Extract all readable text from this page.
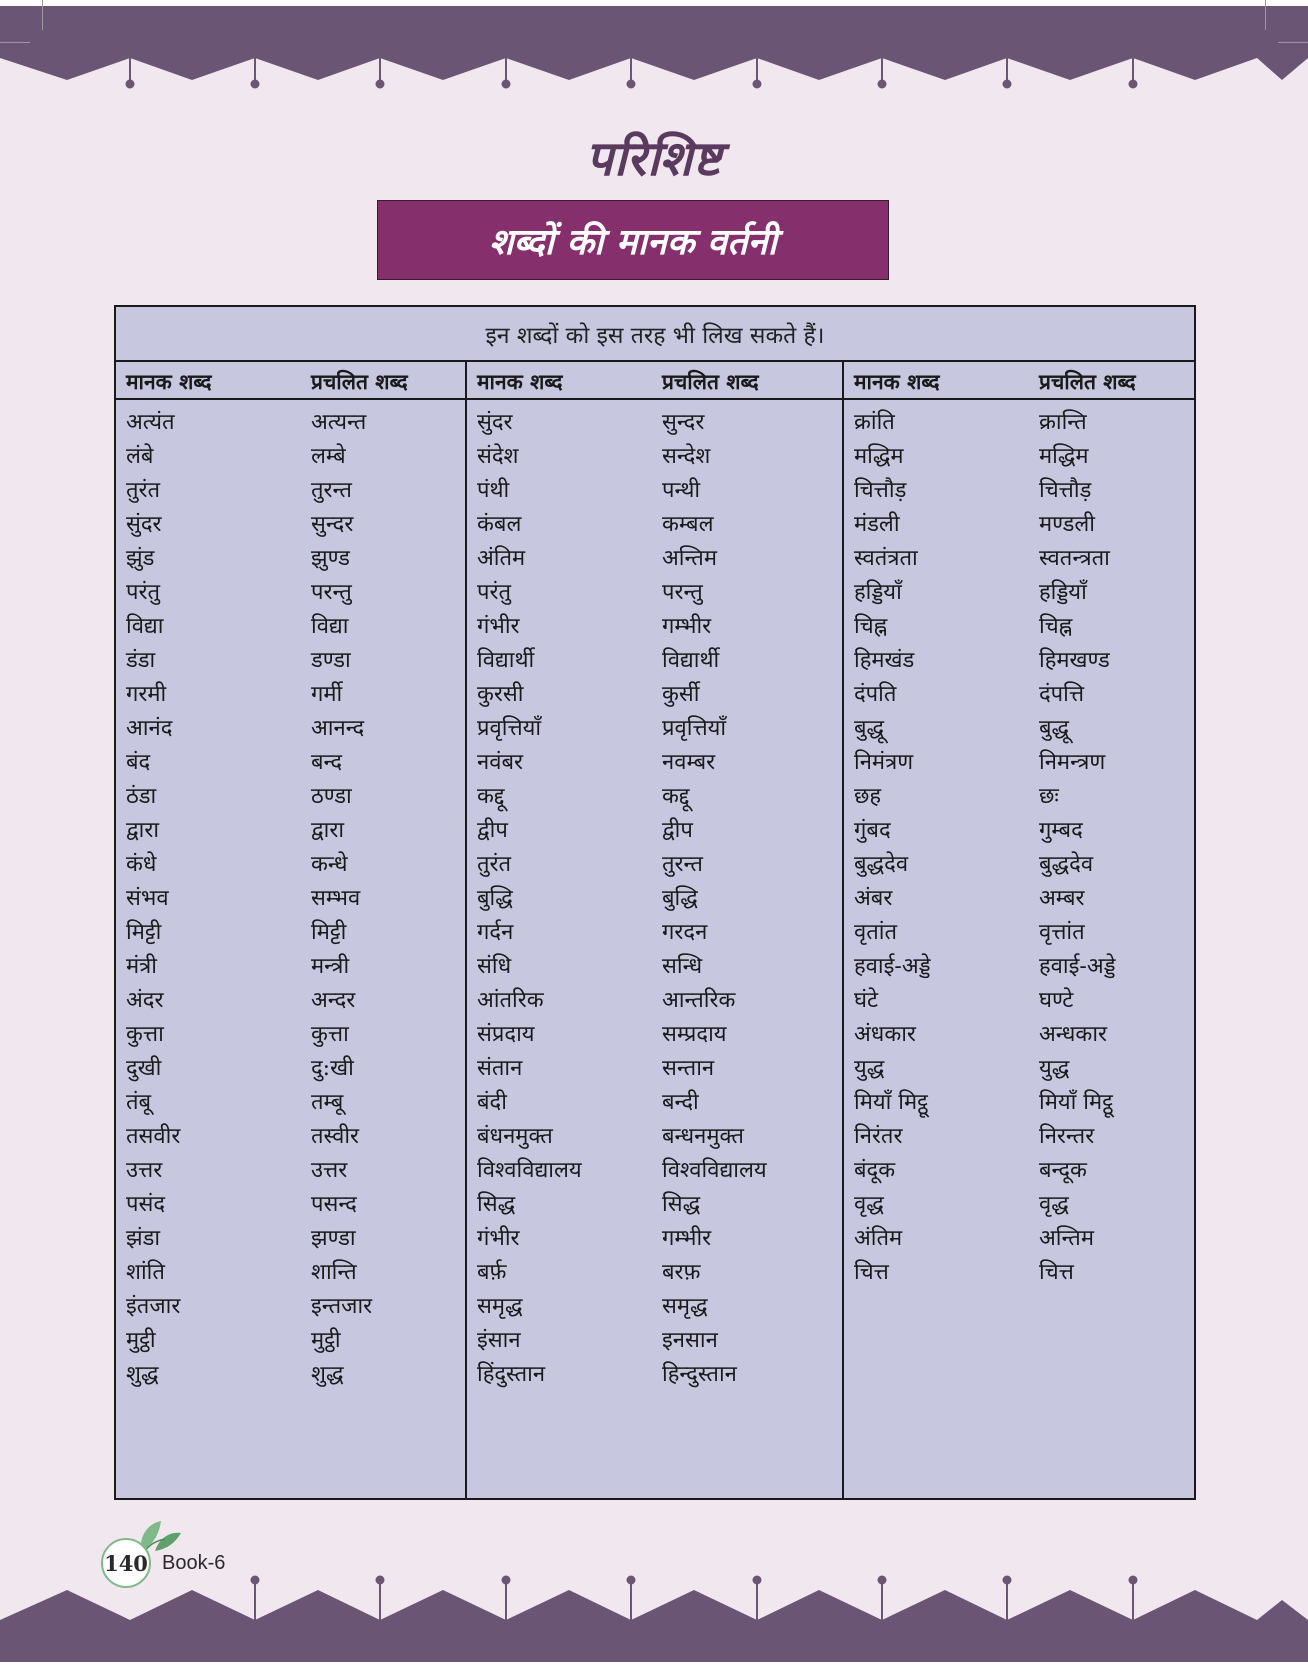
परिशिष्ट
शब्दों की मानक वर्तनी
इन शब्दों को इस तरह भी लिख सकते हैं।
मानक शब्द	प्रचलित शब्द
अत्यंत	अत्यन्त
लंबे	लम्बे
तुरंत	तुरन्त
सुंदर	सुन्दर
झुंड	झुण्ड
परंतु	परन्तु
विद्या	विद्या
डंडा	डण्डा
गरमी	गर्मी
आनंद	आनन्द
बंद	बन्द
ठंडा	ठण्डा
द्वारा	द्वारा
कंधे	कन्धे
संभव	सम्भव
मिट्टी	मिट्टी
मंत्री	मन्त्री
अंदर	अन्दर
कुत्ता	कुत्ता
दुखी	दु:खी
तंबू	तम्बू
तसवीर	तस्वीर
उत्तर	उत्तर
पसंद	पसन्द
झंडा	झण्डा
शांति	शान्ति
इंतजार	इन्तजार
मुट्ठी	मुट्ठी
शुद्ध	शुद्ध
मानक शब्द	प्रचलित शब्द
सुंदर	सुन्दर
संदेश	सन्देश
पंथी	पन्थी
कंबल	कम्बल
अंतिम	अन्तिम
परंतु	परन्तु
गंभीर	गम्भीर
विद्यार्थी	विद्यार्थी
कुरसी	कुर्सी
प्रवृत्तियाँ	प्रवृत्तियाँ
नवंबर	नवम्बर
कद्दू	कद्दू
द्वीप	द्वीप
तुरंत	तुरन्त
बुद्धि	बुद्धि
गर्दन	गरदन
संधि	सन्धि
आंतरिक	आन्तरिक
संप्रदाय	सम्प्रदाय
संतान	सन्तान
बंदी	बन्दी
बंधनमुक्त	बन्धनमुक्त
विश्वविद्यालय	विश्वविद्यालय
सिद्ध	सिद्ध
गंभीर	गम्भीर
बर्फ़	बरफ़
समृद्ध	समृद्ध
इंसान	इनसान
हिंदुस्तान	हिन्दुस्तान
मानक शब्द	प्रचलित शब्द
क्रांति	क्रान्ति
मद्धिम	मद्धिम
चित्तौड़	चित्तौड़
मंडली	मण्डली
स्वतंत्रता	स्वतन्त्रता
हड्डियाँ	हड्डियाँ
चिह्न	चिह्न
हिमखंड	हिमखण्ड
दंपति	दंपत्ति
बुद्धू	बुद्धू
निमंत्रण	निमन्त्रण
छह	छः
गुंबद	गुम्बद
बुद्धदेव	बुद्धदेव
अंबर	अम्बर
वृतांत	वृत्तांत
हवाई-अड्डे	हवाई-अड्डे
घंटे	घण्टे
अंधकार	अन्धकार
युद्ध	युद्ध
मियाँ मिट्ठू	मियाँ मिट्ठू
निरंतर	निरन्तर
बंदूक	बन्दूक
वृद्ध	वृद्ध
अंतिम	अन्तिम
चित्त	चित्त
140 Book-6
